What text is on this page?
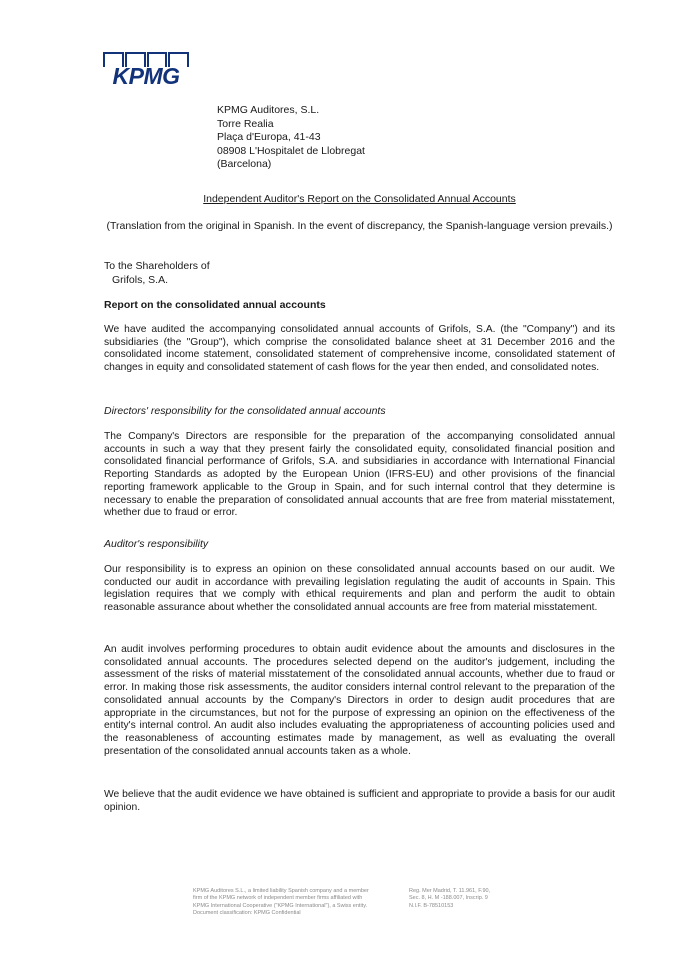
KPMG
KPMG Auditores, S.L.
Torre Realia
Plaça d'Europa, 41-43
08908 L'Hospitalet de Llobregat
(Barcelona)
Independent Auditor's Report on the Consolidated Annual Accounts
(Translation from the original in Spanish. In the event of discrepancy, the Spanish-language version prevails.)
To the Shareholders of
Grifols, S.A.
Report on the consolidated annual accounts
We have audited the accompanying consolidated annual accounts of Grifols, S.A. (the "Company") and its subsidiaries (the "Group"), which comprise the consolidated balance sheet at 31 December 2016 and the consolidated income statement, consolidated statement of comprehensive income, consolidated statement of changes in equity and consolidated statement of cash flows for the year then ended, and consolidated notes.
Directors' responsibility for the consolidated annual accounts
The Company's Directors are responsible for the preparation of the accompanying consolidated annual accounts in such a way that they present fairly the consolidated equity, consolidated financial position and consolidated financial performance of Grifols, S.A. and subsidiaries in accordance with International Financial Reporting Standards as adopted by the European Union (IFRS-EU) and other provisions of the financial reporting framework applicable to the Group in Spain, and for such internal control that they determine is necessary to enable the preparation of consolidated annual accounts that are free from material misstatement, whether due to fraud or error.
Auditor's responsibility
Our responsibility is to express an opinion on these consolidated annual accounts based on our audit. We conducted our audit in accordance with prevailing legislation regulating the audit of accounts in Spain. This legislation requires that we comply with ethical requirements and plan and perform the audit to obtain reasonable assurance about whether the consolidated annual accounts are free from material misstatement.
An audit involves performing procedures to obtain audit evidence about the amounts and disclosures in the consolidated annual accounts. The procedures selected depend on the auditor's judgement, including the assessment of the risks of material misstatement of the consolidated annual accounts, whether due to fraud or error. In making those risk assessments, the auditor considers internal control relevant to the preparation of the consolidated annual accounts by the Company's Directors in order to design audit procedures that are appropriate in the circumstances, but not for the purpose of expressing an opinion on the effectiveness of the entity's internal control. An audit also includes evaluating the appropriateness of accounting policies used and the reasonableness of accounting estimates made by management, as well as evaluating the overall presentation of the consolidated annual accounts taken as a whole.
We believe that the audit evidence we have obtained is sufficient and appropriate to provide a basis for our audit opinion.
KPMG Auditores S.L., a limited liability Spanish company and a member
firm of the KPMG network of independent member firms affiliated with
KPMG International Cooperative ("KPMG International"), a Swiss entity.
Document classification: KPMG Confidential
Reg. Mer Madrid, T. 11.961, F.90,
Sec. 8, H. M -188.007, Inscrip. 9
N.I.F. B-78510153
